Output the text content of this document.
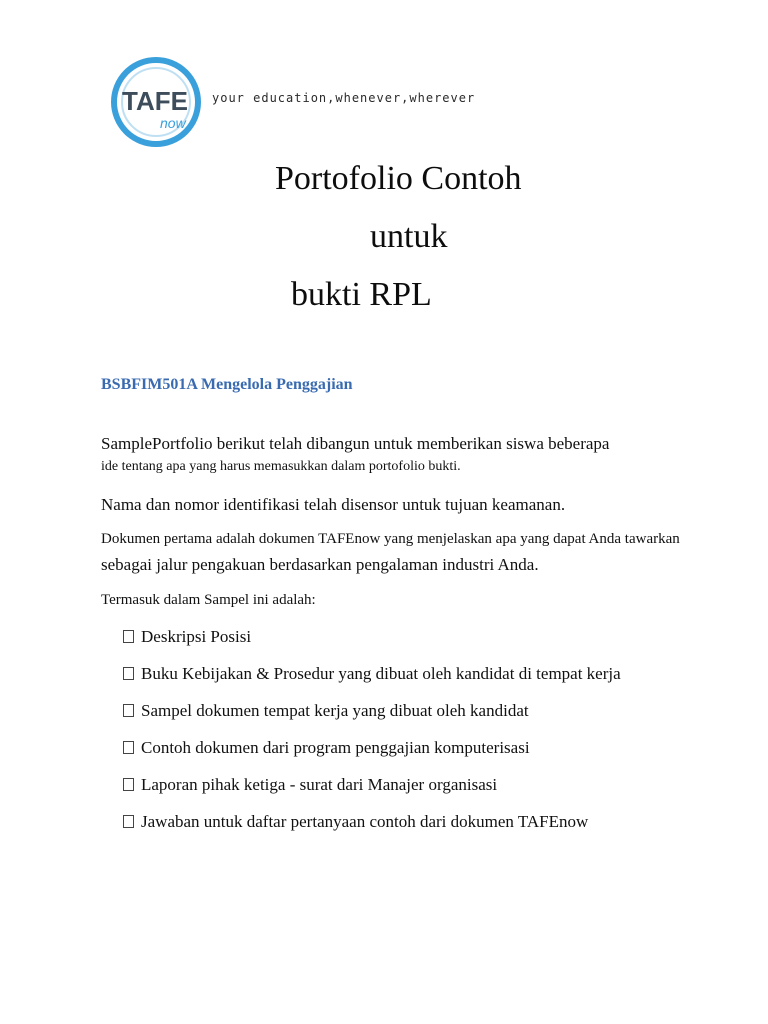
TAFE
now
your education,whenever,wherever
Portofolio Contoh
untuk
bukti RPL
BSBFIM501A Mengelola Penggajian
SamplePortfolio berikut telah dibangun untuk memberikan siswa beberapa
ide tentang apa yang harus memasukkan dalam portofolio bukti.
Nama dan nomor identifikasi telah disensor untuk tujuan keamanan.
Dokumen pertama adalah dokumen TAFEnow yang menjelaskan apa yang dapat Anda tawarkan
sebagai jalur pengakuan berdasarkan pengalaman industri Anda.
Termasuk dalam Sampel ini adalah:
Deskripsi Posisi
Buku Kebijakan & Prosedur yang dibuat oleh kandidat di tempat kerja
Sampel dokumen tempat kerja yang dibuat oleh kandidat
Contoh dokumen dari program penggajian komputerisasi
Laporan pihak ketiga - surat dari Manajer organisasi
Jawaban untuk daftar pertanyaan contoh dari dokumen TAFEnow
